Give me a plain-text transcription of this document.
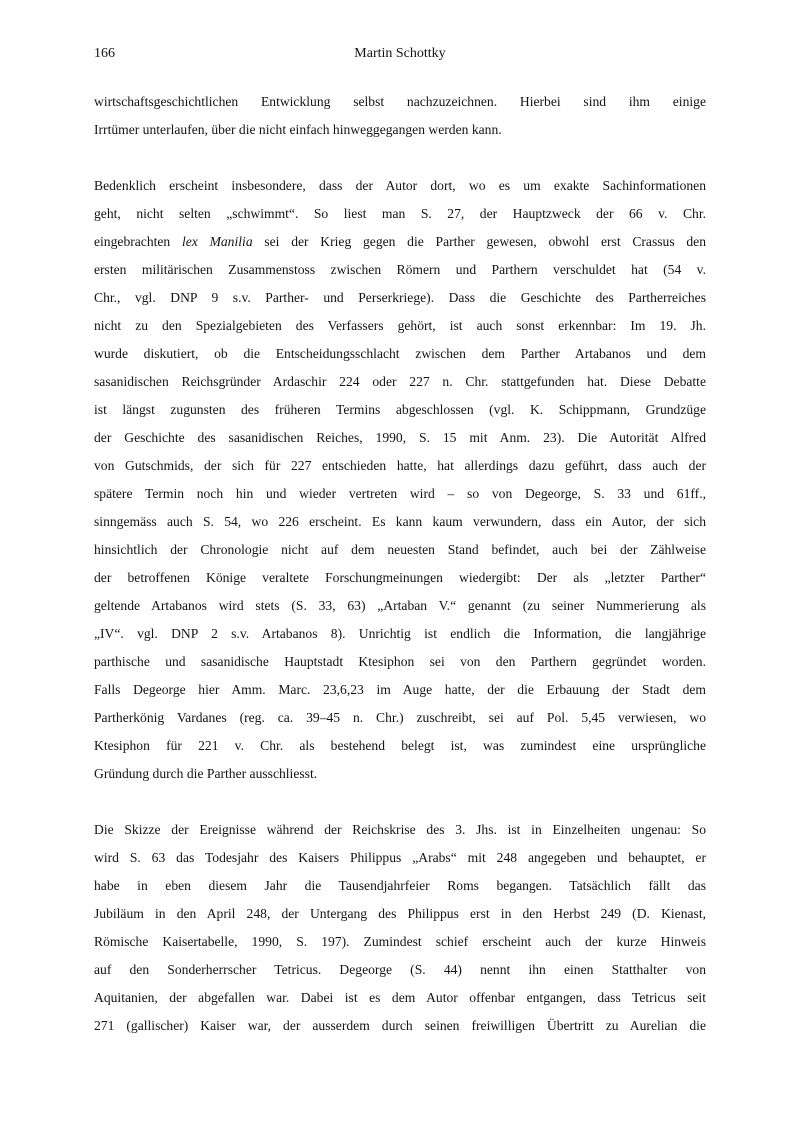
166	Martin Schottky
wirtschaftsgeschichtlichen Entwicklung selbst nachzuzeichnen. Hierbei sind ihm einige
Irrtümer unterlaufen, über die nicht einfach hinweggegangen werden kann.
Bedenklich erscheint insbesondere, dass der Autor dort, wo es um exakte Sachinformationen
geht, nicht selten „schwimmt“. So liest man S. 27, der Hauptzweck der 66 v. Chr.
eingebrachten lex Manilia sei der Krieg gegen die Parther gewesen, obwohl erst Crassus den
ersten militärischen Zusammenstoss zwischen Römern und Parthern verschuldet hat (54 v.
Chr., vgl. DNP 9 s.v. Parther- und Perserkriege). Dass die Geschichte des Partherreiches
nicht zu den Spezialgebieten des Verfassers gehört, ist auch sonst erkennbar: Im 19. Jh.
wurde diskutiert, ob die Entscheidungsschlacht zwischen dem Parther Artabanos und dem
sasanidischen Reichsgründer Ardaschir 224 oder 227 n. Chr. stattgefunden hat. Diese Debatte
ist längst zugunsten des früheren Termins abgeschlossen (vgl. K. Schippmann, Grundzüge
der Geschichte des sasanidischen Reiches, 1990, S. 15 mit Anm. 23). Die Autorität Alfred
von Gutschmids, der sich für 227 entschieden hatte, hat allerdings dazu geführt, dass auch der
spätere Termin noch hin und wieder vertreten wird – so von Degeorge, S. 33 und 61ff.,
sinngemäss auch S. 54, wo 226 erscheint. Es kann kaum verwundern, dass ein Autor, der sich
hinsichtlich der Chronologie nicht auf dem neuesten Stand befindet, auch bei der Zählweise
der betroffenen Könige veraltete Forschungmeinungen wiedergibt: Der als „letzter Parther“
geltende Artabanos wird stets (S. 33, 63) „Artaban V.“ genannt (zu seiner Nummerierung als
„IV“. vgl. DNP 2 s.v. Artabanos 8). Unrichtig ist endlich die Information, die langjährige
parthische und sasanidische Hauptstadt Ktesiphon sei von den Parthern gegründet worden.
Falls Degeorge hier Amm. Marc. 23,6,23 im Auge hatte, der die Erbauung der Stadt dem
Partherkönig Vardanes (reg. ca. 39–45 n. Chr.) zuschreibt, sei auf Pol. 5,45 verwiesen, wo
Ktesiphon für 221 v. Chr. als bestehend belegt ist, was zumindest eine ursprüngliche
Gründung durch die Parther ausschliesst.
Die Skizze der Ereignisse während der Reichskrise des 3. Jhs. ist in Einzelheiten ungenau: So
wird S. 63 das Todesjahr des Kaisers Philippus „Arabs“ mit 248 angegeben und behauptet, er
habe in eben diesem Jahr die Tausendjahrfeier Roms begangen. Tatsächlich fällt das
Jubiläum in den April 248, der Untergang des Philippus erst in den Herbst 249 (D. Kienast,
Römische Kaisertabelle, 1990, S. 197). Zumindest schief erscheint auch der kurze Hinweis
auf den Sonderherrscher Tetricus. Degeorge (S. 44) nennt ihn einen Statthalter von
Aquitanien, der abgefallen war. Dabei ist es dem Autor offenbar entgangen, dass Tetricus seit
271 (gallischer) Kaiser war, der ausserdem durch seinen freiwilligen Übertritt zu Aurelian die
